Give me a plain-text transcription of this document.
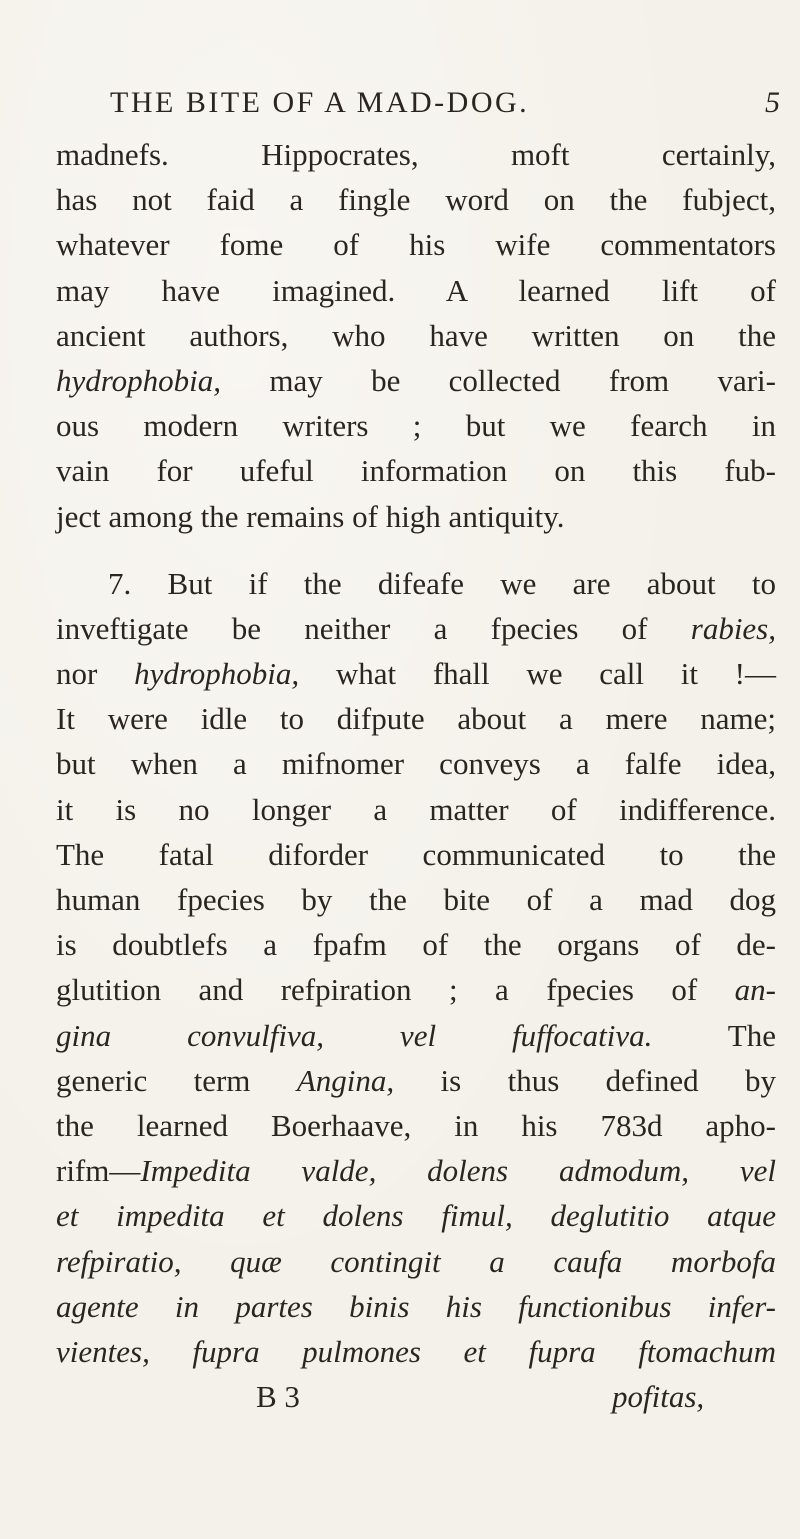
THE BITE OF A MAD-DOG.	5
madnefs. Hippocrates, moft certainly,
has not faid a fingle word on the fubject,
whatever fome of his wife commentators
may have imagined. A learned lift of
ancient authors, who have written on the
hydrophobia, may be collected from vari-
ous modern writers ; but we fearch in
vain for ufeful information on this fub-
ject among the remains of high antiquity.
7. But if the difeafe we are about to
inveftigate be neither a fpecies of rabies,
nor hydrophobia, what fhall we call it !—
It were idle to difpute about a mere name;
but when a mifnomer conveys a falfe idea,
it is no longer a matter of indifference.
The fatal diforder communicated to the
human fpecies by the bite of a mad dog
is doubtlefs a fpafm of the organs of de-
glutition and refpiration ; a fpecies of an-
gina convulfiva, vel fuffocativa. The
generic term Angina, is thus defined by
the learned Boerhaave, in his 783d apho-
rifm—Impedita valde, dolens admodum, vel
et impedita et dolens fimul, deglutitio atque
refpiratio, quæ contingit a caufa morbofa
agente in partes binis his functionibus infer-
vientes, fupra pulmones et fupra ftomachum
B 3	pofitas,
